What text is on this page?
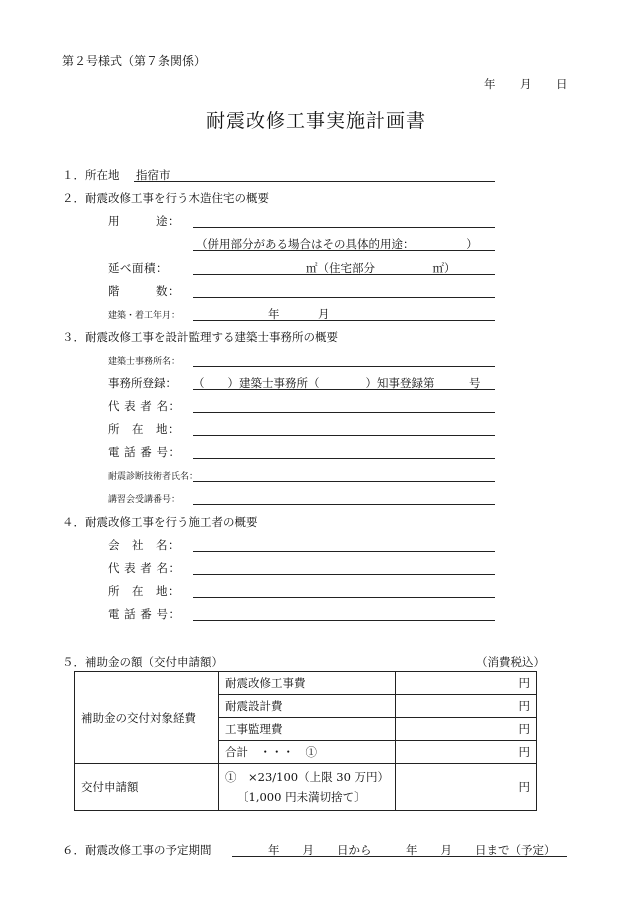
第２号様式（第７条関係）
年 月 日
耐震改修工事実施計画書
１．所在地 指宿市
２．耐震改修工事を行う木造住宅の概要
用　　　途：
（併用部分がある場合はその具体的用途：　　　　　）
延べ面積：	㎡（住宅部分　　　　　㎡）
階　　　数：
建築・着工年月：	年	月
３．耐震改修工事を設計監理する建築士事務所の概要
建築士事務所名：
事務所登録： （　　）建築士事務所（　　　　）知事登録第　　　号
代 表 者 名：
所　在　地：
電 話 番 号：
耐震診断技術者氏名：
講習会受講番号：
４．耐震改修工事を行う施工者の概要
会　社　名：
代 表 者 名：
所　在　地：
電 話 番 号：
５．補助金の額（交付申請額）	（消費税込）
補助金の交付対象経費	耐震改修工事費	円
	耐震設計費	円
	工事監理費	円
	合計　・・・　①	円
交付申請額	①　×23/100（上限 30 万円）
〔1,000 円未満切捨て〕	円
６．耐震改修工事の予定期間	年　　月　　日から　　　年　　月　　日まで（予定）
